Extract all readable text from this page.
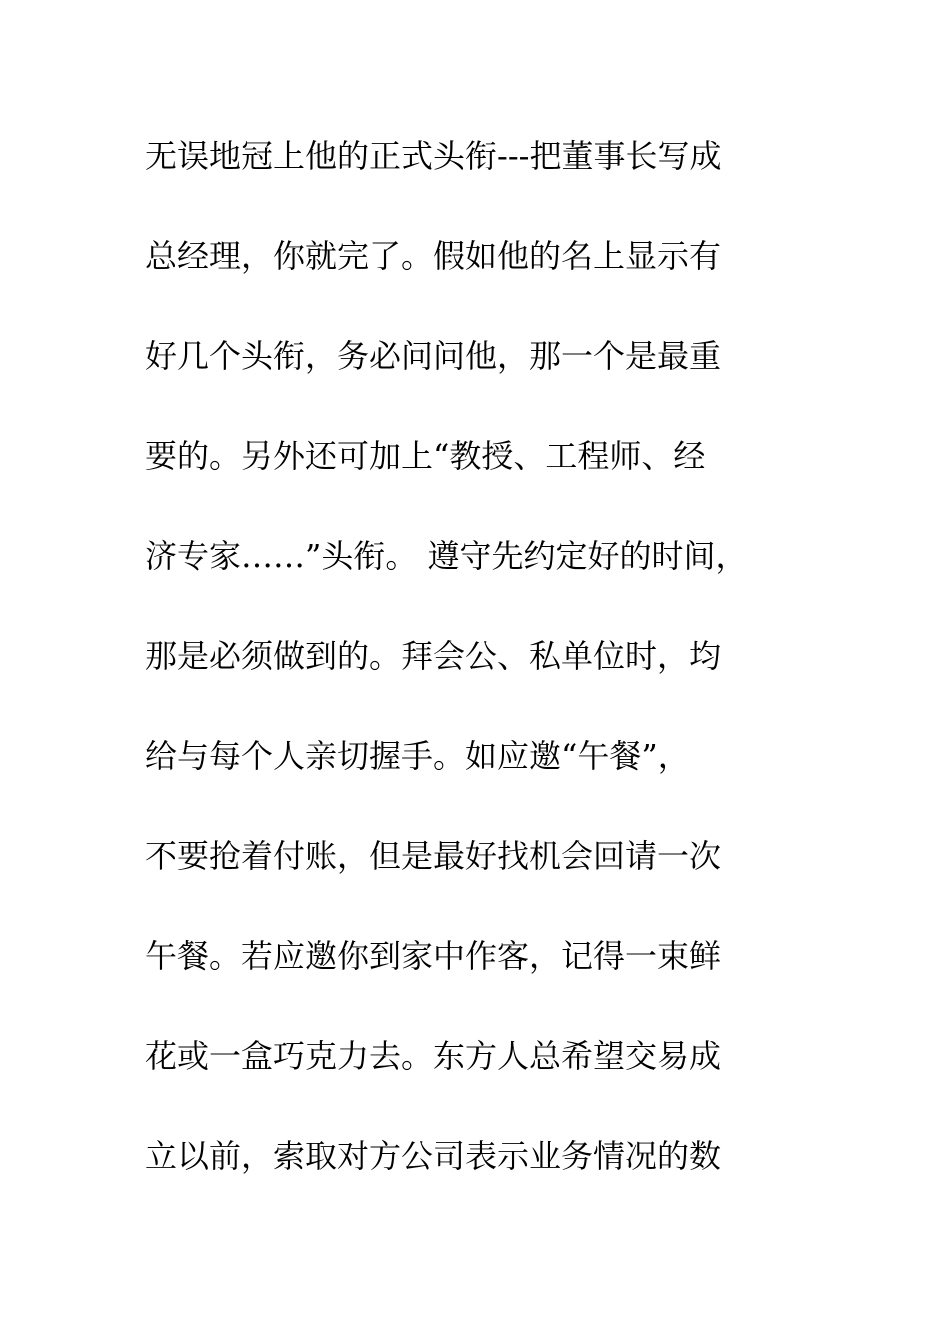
无误地冠上他的正式头衔---把董事长写成
总经理，你就完了。假如他的名上显示有
好几个头衔，务必问问他，那一个是最重
要的。另外还可加上“教授、工程师、经
济专家……”头衔。 遵守先约定好的时间，
那是必须做到的。拜会公、私单位时，均
给与每个人亲切握手。如应邀“午餐”，
不要抢着付账，但是最好找机会回请一次
午餐。若应邀你到家中作客，记得一束鲜
花或一盒巧克力去。东方人总希望交易成
立以前，索取对方公司表示业务情况的数
